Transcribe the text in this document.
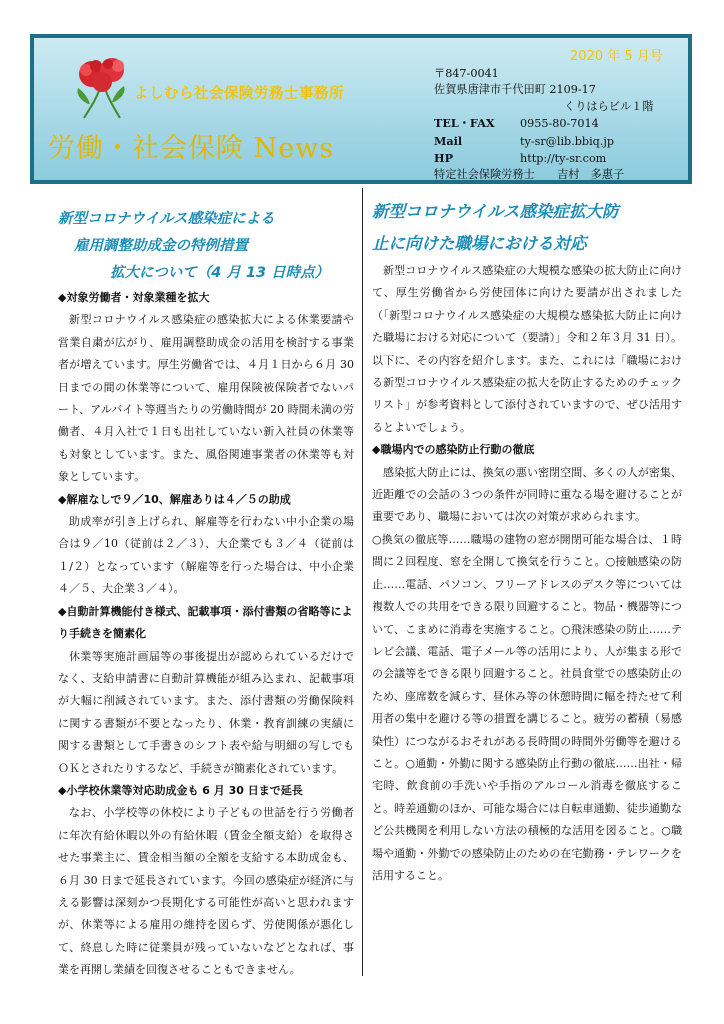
2020 年 5 月号
よしむら社会保険労務士事務所
労働・社会保険 News
〒847-0041
佐賀県唐津市千代田町 2109-17
くりはらビル１階
TEL・FAX 0955-80-7014
Mail	ty-sr@lib.bbiq.jp
HP	http://ty-sr.com
特定社会保険労務士　　吉村　多惠子
新型コロナウイルス感染症による
雇用調整助成金の特例措置
拡大について（4 月 13 日時点）
◆対象労働者・対象業種を拡大
新型コロナウイルス感染症の感染拡大による休業要請や営業自粛が広がり、雇用調整助成金の活用を検討する事業者が増えています。厚生労働省では、４月１日から６月 30 日までの間の休業等について、雇用保険被保険者でないパート、アルバイト等週当たりの労働時間が 20 時間未満の労働者、４月入社で１日も出社していない新入社員の休業等も対象としています。また、風俗関連事業者の休業等も対象としています。
◆解雇なしで９／10、解雇ありは４／５の助成
助成率が引き上げられ、解雇等を行わない中小企業の場合は９／10（従前は２／３）、大企業でも３／４（従前は１/２）となっています（解雇等を行った場合は、中小企業４／５、大企業３／４）。
◆自動計算機能付き様式、記載事項・添付書類の省略等により手続きを簡素化
休業等実施計画届等の事後提出が認められているだけでなく、支給申請書に自動計算機能が組み込まれ、記載事項が大幅に削減されています。また、添付書類の労働保険料に関する書類が不要となったり、休業・教育訓練の実績に関する書類として手書きのシフト表や給与明細の写しでもＯＫとされたりするなど、手続きが簡素化されています。
◆小学校休業等対応助成金も 6 月 30 日まで延長
なお、小学校等の休校により子どもの世話を行う労働者に年次有給休暇以外の有給休暇（賃金全額支給）を取得させた事業主に、賃金相当額の全額を支給する本助成金も、６月 30 日まで延長されています。今回の感染症が経済に与える影響は深刻かつ長期化する可能性が高いと思われますが、休業等による雇用の維持を図らず、労使関係が悪化して、終息した時に従業員が残っていないなどとなれば、事業を再開し業績を回復させることもできません。
新型コロナウイルス感染症拡大防
止に向けた職場における対応
新型コロナウイルス感染症の大規模な感染の拡大防止に向けて、厚生労働省から労使団体に向けた要請が出されました（「新型コロナウイルス感染症の大規模な感染拡大防止に向けた職場における対応について（要請）」令和２年３月 31 日）。以下に、その内容を紹介します。また、これには「職場における新型コロナウイルス感染症の拡大を防止するためのチェックリスト」が参考資料として添付されていますので、ぜひ活用するとよいでしょう。
◆職場内での感染防止行動の徹底
感染拡大防止には、換気の悪い密閉空間、多くの人が密集、近距離での会話の３つの条件が同時に重なる場を避けることが重要であり、職場においては次の対策が求められます。
○換気の徹底等……職場の建物の窓が開閉可能な場合は、１時間に２回程度、窓を全開して換気を行うこと。○接触感染の防止……電話、パソコン、フリーアドレスのデスク等については複数人での共用をできる限り回避すること。物品・機器等について、こまめに消毒を実施すること。○飛沫感染の防止……テレビ会議、電話、電子メール等の活用により、人が集まる形での会議等をできる限り回避すること。社員食堂での感染防止のため、座席数を減らす、昼休み等の休憩時間に幅を持たせて利用者の集中を避ける等の措置を講じること。疲労の蓄積（易感染性）につながるおそれがある長時間の時間外労働等を避けること。○通勤・外勤に関する感染防止行動の徹底……出社・帰宅時、飲食前の手洗いや手指のアルコール消毒を徹底すること。時差通勤のほか、可能な場合には自転車通勤、徒歩通勤など公共機関を利用しない方法の積極的な活用を図ること。○職場や通勤・外勤での感染防止のための在宅勤務・テレワークを活用すること。
